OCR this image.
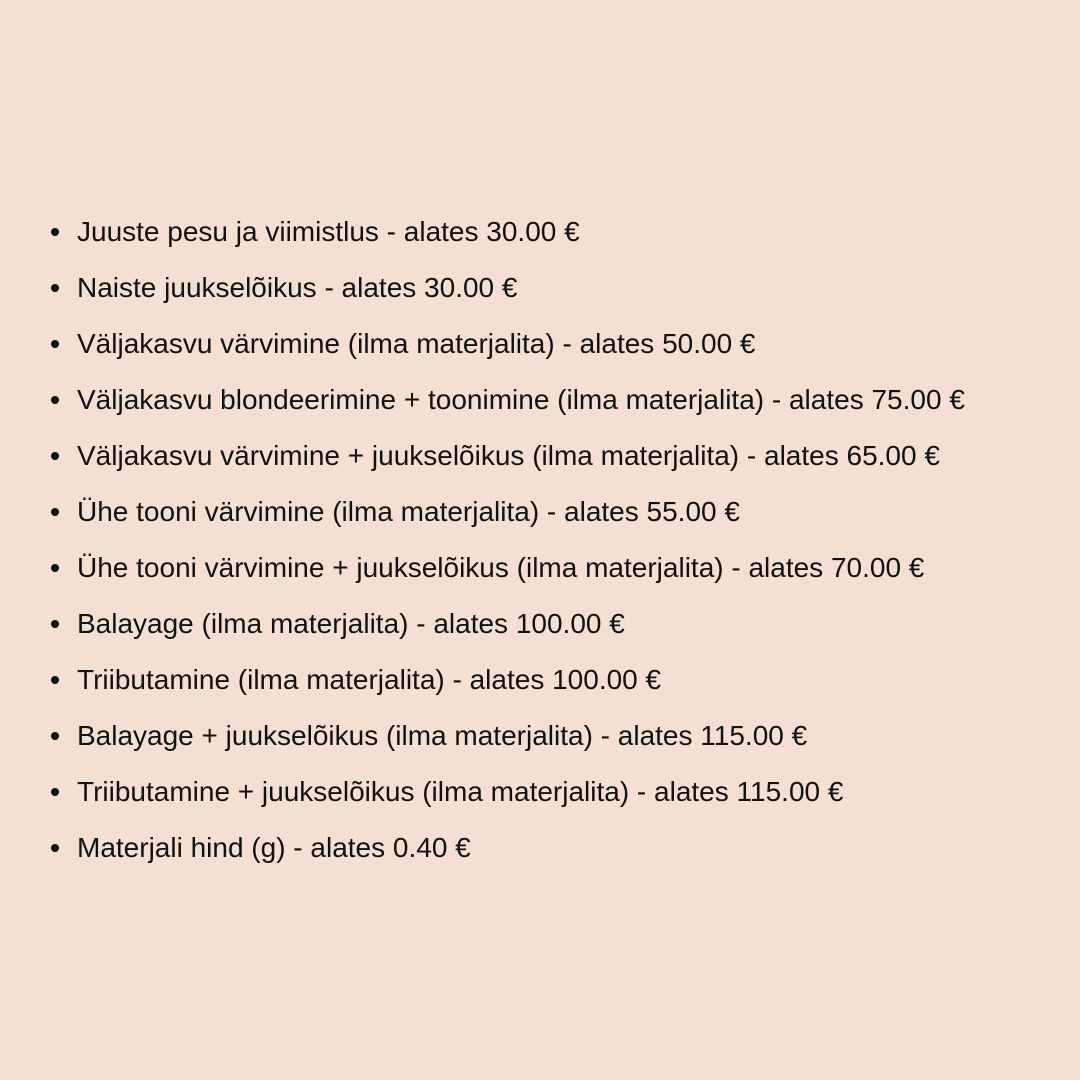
Juuste pesu ja viimistlus - alates 30.00 €
Naiste juukselõikus - alates 30.00 €
Väljakasvu värvimine (ilma materjalita) - alates 50.00 €
Väljakasvu blondeerimine + toonimine (ilma materjalita) - alates 75.00 €
Väljakasvu värvimine + juukselõikus (ilma materjalita) - alates 65.00 €
Ühe tooni värvimine (ilma materjalita) - alates 55.00 €
Ühe tooni värvimine + juukselõikus (ilma materjalita) - alates 70.00 €
Balayage (ilma materjalita) - alates 100.00 €
Triibutamine (ilma materjalita) - alates 100.00 €
Balayage + juukselõikus (ilma materjalita) - alates 115.00 €
Triibutamine + juukselõikus (ilma materjalita) - alates 115.00 €
Materjali hind (g) - alates 0.40 €
